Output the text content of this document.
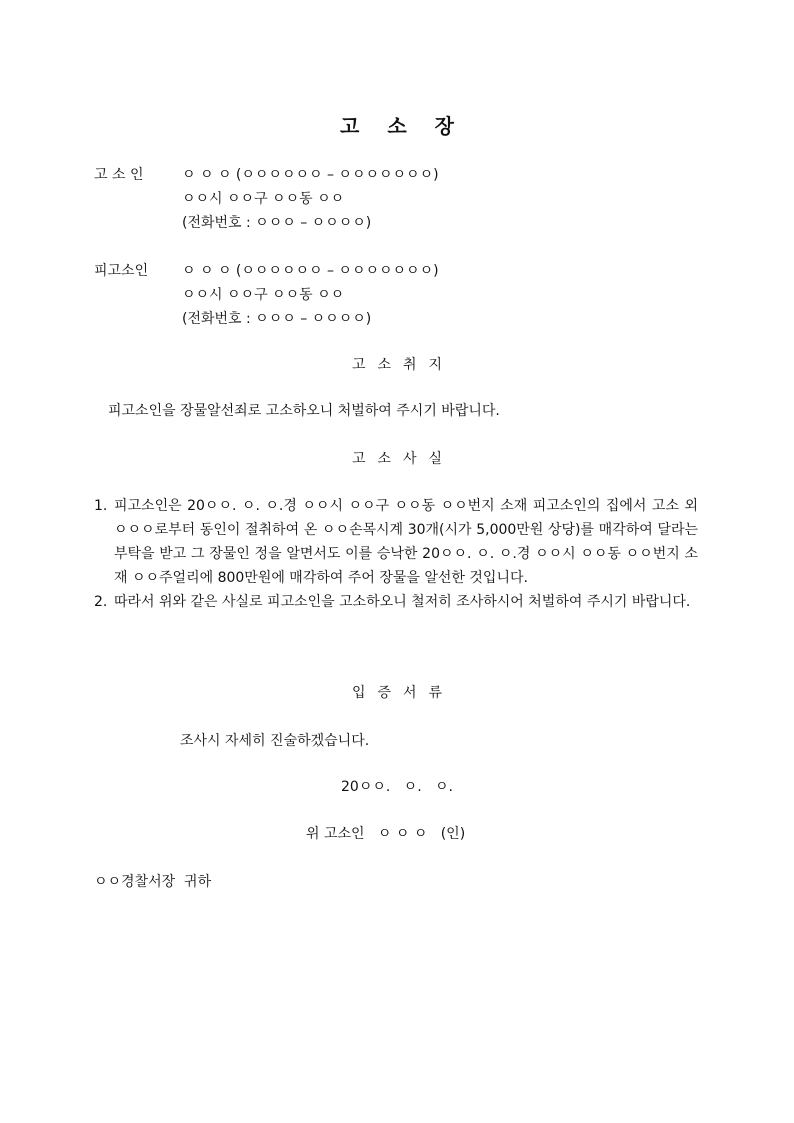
고 소 장
고 소 인	ㅇ ㅇ ㅇ (ㅇㅇㅇㅇㅇㅇ – ㅇㅇㅇㅇㅇㅇㅇ)
ㅇㅇ시 ㅇㅇ구 ㅇㅇ동 ㅇㅇ
(전화번호 : ㅇㅇㅇ – ㅇㅇㅇㅇ)
피고소인 ㅇ ㅇ ㅇ (ㅇㅇㅇㅇㅇㅇ – ㅇㅇㅇㅇㅇㅇㅇ)
ㅇㅇ시 ㅇㅇ구 ㅇㅇ동 ㅇㅇ
(전화번호 : ㅇㅇㅇ – ㅇㅇㅇㅇ)
고 소 취 지
피고소인을 장물알선죄로 고소하오니 처벌하여 주시기 바랍니다.
고 소 사 실
1. 피고소인은 20ㅇㅇ. ㅇ. ㅇ.경 ㅇㅇ시 ㅇㅇ구 ㅇㅇ동 ㅇㅇ번지 소재 피고소인의 집에서 고소 외 ㅇㅇㅇ로부터 동인이 절취하여 온 ㅇㅇ손목시계 30개(시가 5,000만원 상당)를 매각하여 달라는 부탁을 받고 그 장물인 정을 알면서도 이를 승낙한 20ㅇㅇ. ㅇ. ㅇ.경 ㅇㅇ시 ㅇㅇ동 ㅇㅇ번지 소재 ㅇㅇ주얼리에 800만원에 매각하여 주어 장물을 알선한 것입니다.
2. 따라서 위와 같은 사실로 피고소인을 고소하오니 철저히 조사하시어 처벌하여 주시기 바랍니다.
입 증 서 류
조사시 자세히 진술하겠습니다.
20ㅇㅇ.   ㅇ.   ㅇ.
위 고소인   ㅇ ㅇ ㅇ   (인)
ㅇㅇ경찰서장  귀하
